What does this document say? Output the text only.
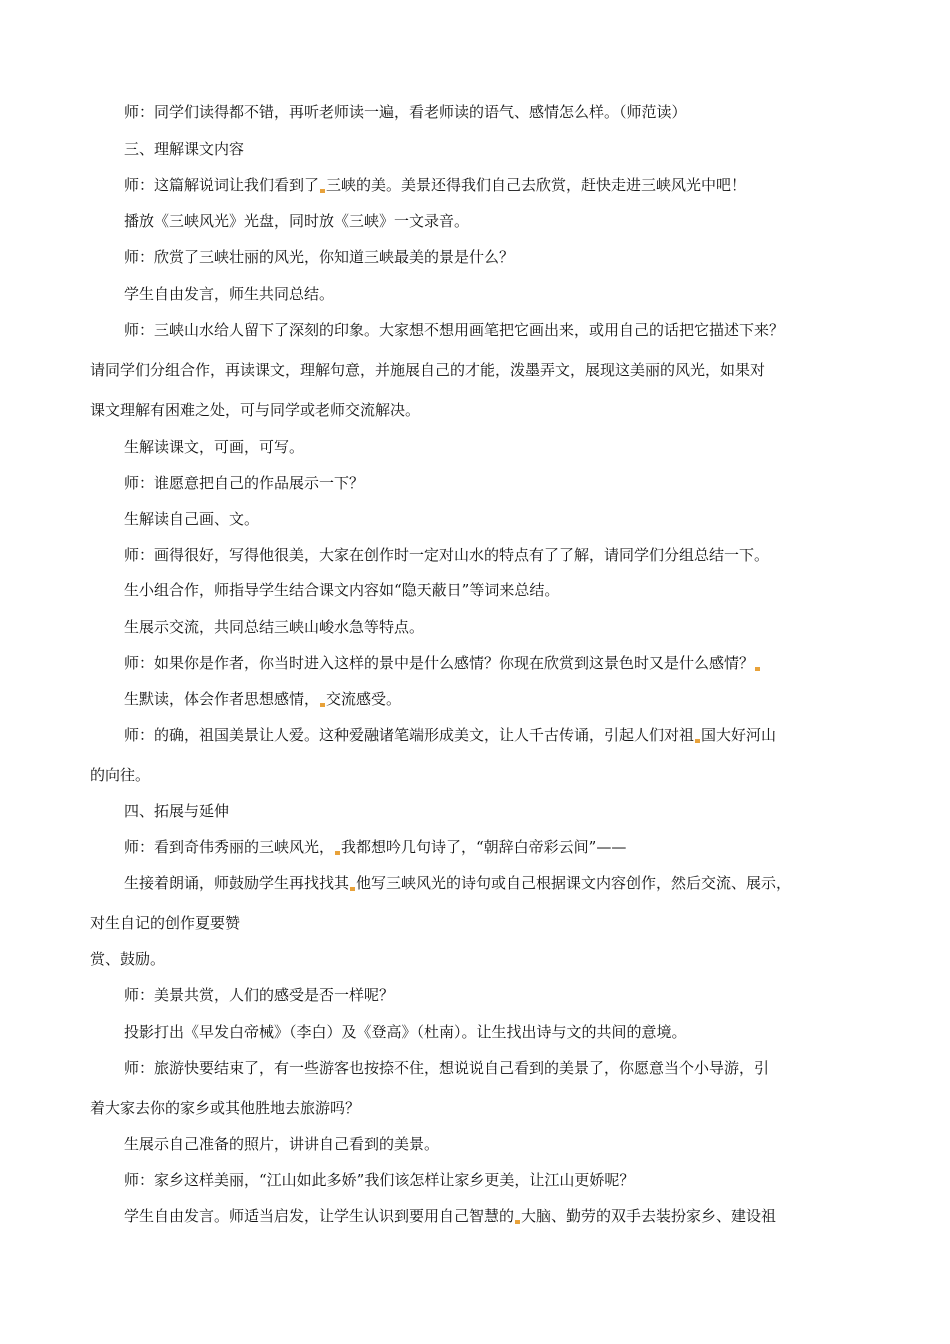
师：同学们读得都不错，再听老师读一遍，看老师读的语气、感情怎么样。（师范读）

三、理解课文内容

师：这篇解说词让我们看到了 三峡的美。美景还得我们自己去欣赏，赶快走进三峡风光中吧！

播放《三峡风光》光盘，同时放《三峡》一文录音。

师：欣赏了三峡壮丽的风光，你知道三峡最美的景是什么？

学生自由发言，师生共同总结。

师：三峡山水给人留下了深刻的印象。大家想不想用画笔把它画出来，或用自己的话把它描述下来？

请同学们分组合作，再读课文，理解句意，并施展自己的才能，泼墨弄文，展现这美丽的风光，如果对

课文理解有困难之处，可与同学或老师交流解决。

生解读课文，可画，可写。

师：谁愿意把自己的作品展示一下？

生解读自己画、文。

师：画得很好，写得他很美，大家在创作时一定对山水的特点有了了解，请同学们分组总结一下。

生小组合作，师指导学生结合课文内容如“隐天蔽日”等词来总结。

生展示交流，共同总结三峡山峻水急等特点。

师：如果你是作者，你当时进入这样的景中是什么感情？你现在欣赏到这景色时又是什么感情？

生默读，体会作者思想感情， 交流感受。

师：的确，祖国美景让人爱。这种爱融诸笔端形成美文，让人千古传诵，引起人们对祖 国大好河山

的向往。

四、拓展与延伸

师：看到奇伟秀丽的三峡风光， 我都想吟几句诗了，“朝辞白帝彩云间”——

生接着朗诵，师鼓励学生再找找其 他写三峡风光的诗句或自己根据课文内容创作，然后交流、展示，

对生自记的创作夏要赞

赏、鼓励。

师：美景共赏，人们的感受是否一样呢？

投影打出《早发白帝械》（李白）及《登高》（杜南）。让生找出诗与文的共间的意境。

师：旅游快要结束了，有一些游客也按捺不住，想说说自己看到的美景了，你愿意当个小导游，引

着大家去你的家乡或其他胜地去旅游吗？

生展示自己准备的照片，讲讲自己看到的美景。

师：家乡这样美丽，“江山如此多娇”我们该怎样让家乡更美，让江山更娇呢？

学生自由发言。师适当启发，让学生认识到要用自己智慧的 大脑、勤劳的双手去装扮家乡、建设祖
